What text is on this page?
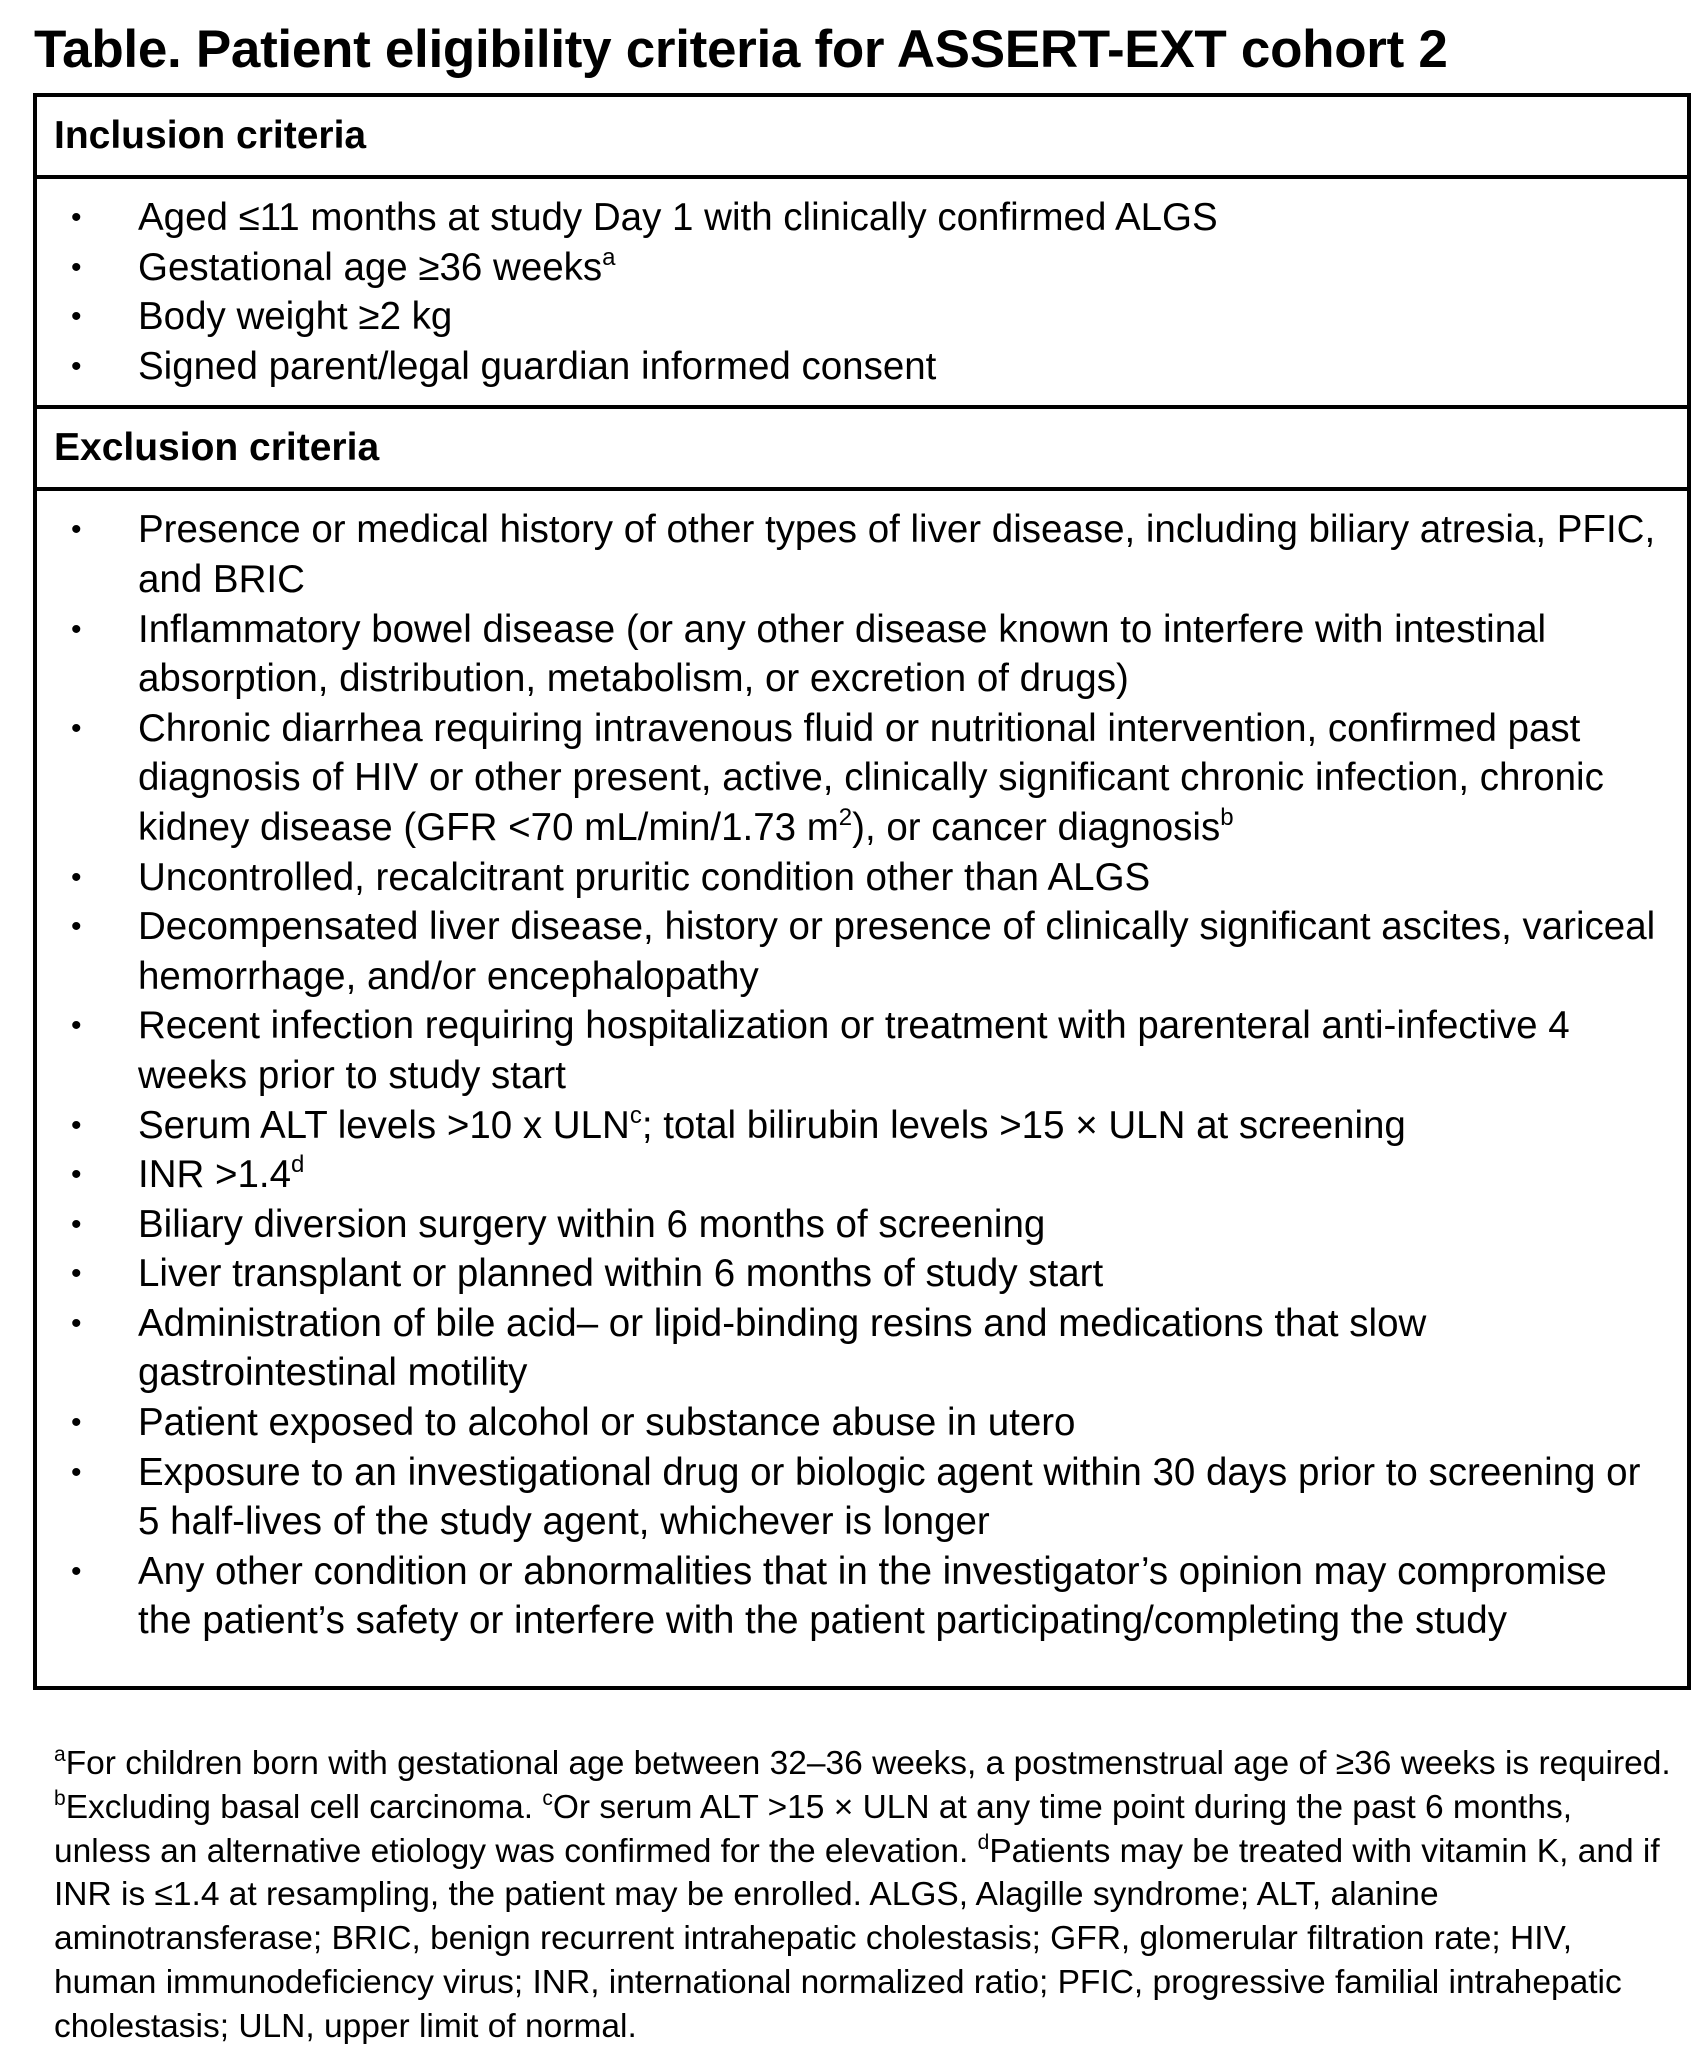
Table. Patient eligibility criteria for ASSERT-EXT cohort 2
Inclusion criteria
• Aged ≤11 months at study Day 1 with clinically confirmed ALGS
• Gestational age ≥36 weeks$^a$
• Body weight ≥2 kg
• Signed parent/legal guardian informed consent
Exclusion criteria
• Presence or medical history of other types of liver disease, including biliary atresia, PFIC, and BRIC
• Inflammatory bowel disease (or any other disease known to interfere with intestinal absorption, distribution, metabolism, or excretion of drugs)
• Chronic diarrhea requiring intravenous fluid or nutritional intervention, confirmed past diagnosis of HIV or other present, active, clinically significant chronic infection, chronic kidney disease (GFR <70 mL/min/1.73 $m^2$), or cancer diagnosis$^b$
• Uncontrolled, recalcitrant pruritic condition other than ALGS
• Decompensated liver disease, history or presence of clinically significant ascites, variceal hemorrhage, and/or encephalopathy
• Recent infection requiring hospitalization or treatment with parenteral anti-infective 4 weeks prior to study start
• Serum ALT levels >10 x ULN$^c$; total bilirubin levels >15 × ULN at screening
• INR >1.4$^d$
• Biliary diversion surgery within 6 months of screening
• Liver transplant or planned within 6 months of study start
• Administration of bile acid– or lipid-binding resins and medications that slow gastrointestinal motility
• Patient exposed to alcohol or substance abuse in utero
• Exposure to an investigational drug or biologic agent within 30 days prior to screening or 5 half-lives of the study agent, whichever is longer
• Any other condition or abnormalities that in the investigator’s opinion may compromise the patient’s safety or interfere with the patient participating/completing the study
$^a$For children born with gestational age between 32–36 weeks, a postmenstrual age of ≥36 weeks is required. $^b$Excluding basal cell carcinoma. $^c$Or serum ALT >15 × ULN at any time point during the past 6 months, unless an alternative etiology was confirmed for the elevation. $^d$Patients may be treated with vitamin K, and if INR is ≤1.4 at resampling, the patient may be enrolled. ALGS, Alagille syndrome; ALT, alanine aminotransferase; BRIC, benign recurrent intrahepatic cholestasis; GFR, glomerular filtration rate; HIV, human immunodeficiency virus; INR, international normalized ratio; PFIC, progressive familial intrahepatic cholestasis; ULN, upper limit of normal.
